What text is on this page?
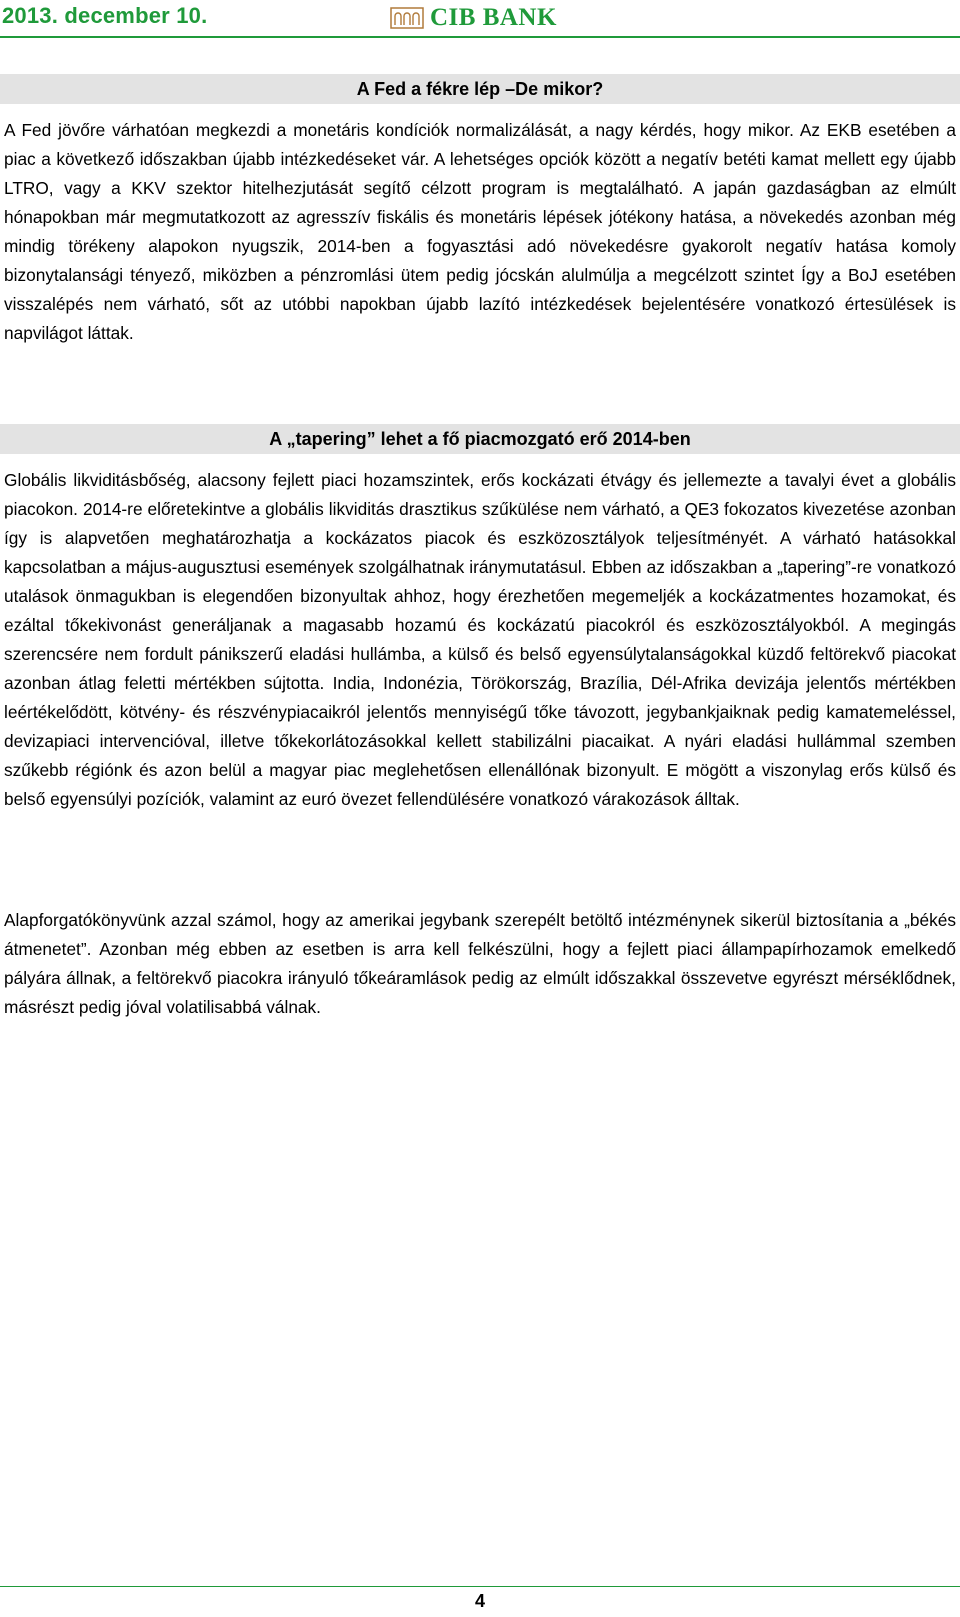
2013. december 10.	CIB BANK
A Fed a fékre lép –De mikor?

A Fed jövőre várhatóan megkezdi a monetáris kondíciók normalizálását, a nagy kérdés, hogy mikor. Az EKB esetében a piac a következő időszakban újabb intézkedéseket vár. A lehetséges opciók között a negatív betéti kamat mellett egy újabb LTRO, vagy a KKV szektor hitelhezjutását segítő célzott program is megtalálható. A japán gazdaságban az elmúlt hónapokban már megmutatkozott az agresszív fiskális és monetáris lépések jótékony hatása, a növekedés azonban még mindig törékeny alapokon nyugszik, 2014-ben a fogyasztási adó növekedésre gyakorolt negatív hatása komoly bizonytalansági tényező, miközben a pénzromlási ütem pedig jócskán alulmúlja a megcélzott szintet Így a BoJ esetében visszalépés nem várható, sőt az utóbbi napokban újabb lazító intézkedések bejelentésére vonatkozó értesülések is napvilágot láttak.

A „tapering” lehet a fő piacmozgató erő 2014-ben

Globális likviditásbőség, alacsony fejlett piaci hozamszintek, erős kockázati étvágy és jellemezte a tavalyi évet a globális piacokon. 2014-re előretekintve a globális likviditás drasztikus szűkülése nem várható, a QE3 fokozatos kivezetése azonban így is alapvetően meghatározhatja a kockázatos piacok és eszközosztályok teljesítményét. A várható hatásokkal kapcsolatban a május-augusztusi események szolgálhatnak iránymutatásul. Ebben az időszakban a „tapering”-re vonatkozó utalások önmagukban is elegendően bizonyultak ahhoz, hogy érezhetően megemeljék a kockázatmentes hozamokat, és ezáltal tőkekivonást generáljanak a magasabb hozamú és kockázatú piacokról és eszközosztályokból. A megingás szerencsére nem fordult pánikszerű eladási hullámba, a külső és belső egyensúlytalanságokkal küzdő feltörekvő piacokat azonban átlag feletti mértékben sújtotta. India, Indonézia, Törökország, Brazília, Dél-Afrika devizája jelentős mértékben leértékelődött, kötvény- és részvénypiacaikról jelentős mennyiségű tőke távozott, jegybankjaiknak pedig kamatemeléssel, devizapiaci intervencióval, illetve tőkekorlátozásokkal kellett stabilizálni piacaikat. A nyári eladási hullámmal szemben szűkebb régiónk és azon belül a magyar piac meglehetősen ellenállónak bizonyult. E mögött a viszonylag erős külső és belső egyensúlyi pozíciók, valamint az euró övezet fellendülésére vonatkozó várakozások álltak.

Alapforgatókönyvünk azzal számol, hogy az amerikai jegybank szerepélt betöltő intézménynek sikerül biztosítania a „békés átmenetet”. Azonban még ebben az esetben is arra kell felkészülni, hogy a fejlett piaci állampapírhozamok emelkedő pályára állnak, a feltörekvő piacokra irányuló tőkeáramlások pedig az elmúlt időszakkal összevetve egyrészt mérséklődnek, másrészt pedig jóval volatilisabbá válnak.

4
